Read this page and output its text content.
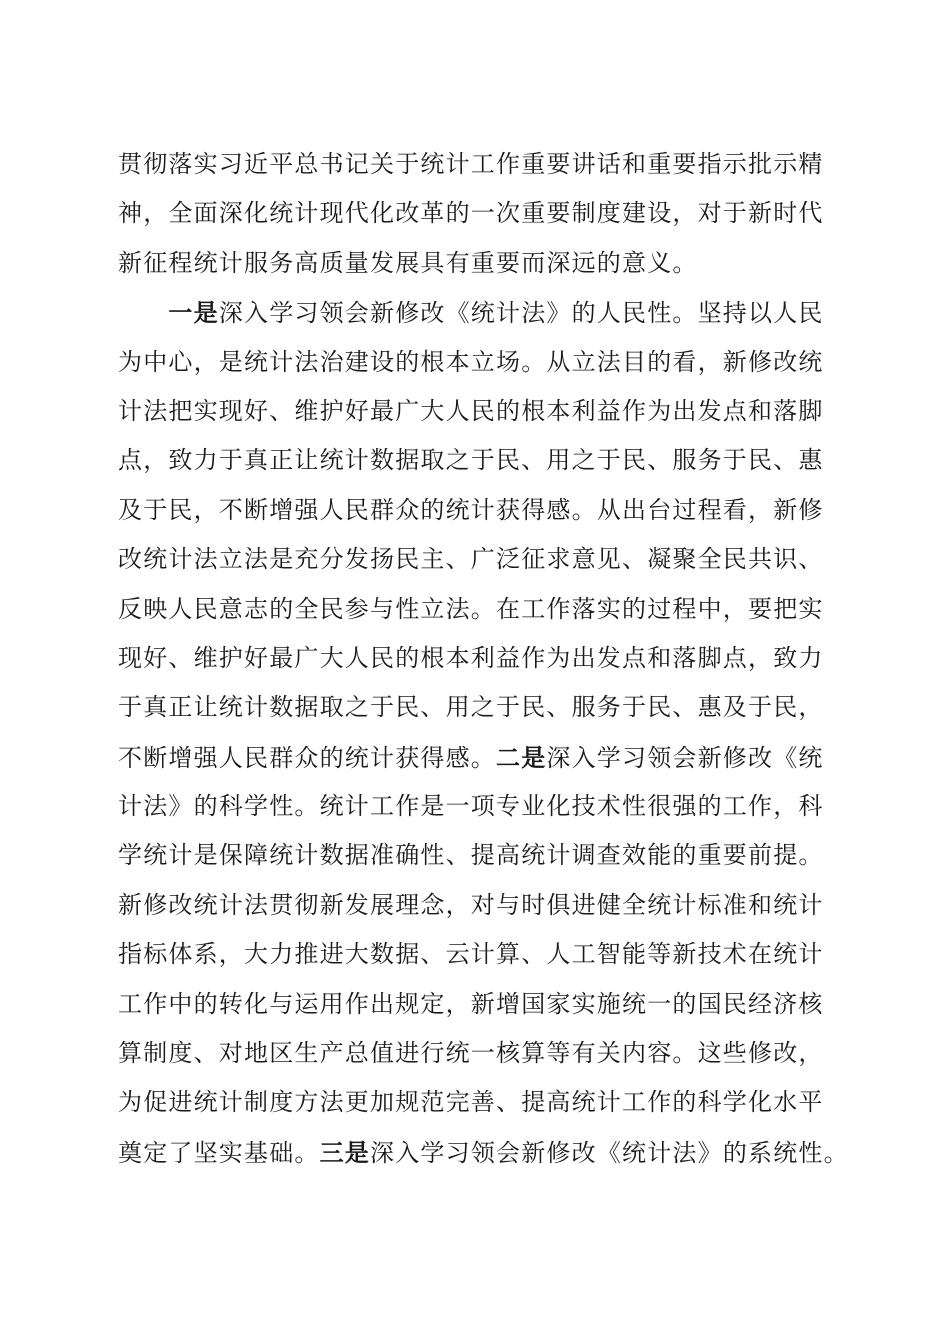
贯彻落实习近平总书记关于统计工作重要讲话和重要指示批示精
神，全面深化统计现代化改革的一次重要制度建设，对于新时代
新征程统计服务高质量发展具有重要而深远的意义。
　　一是深入学习领会新修改《统计法》的人民性。坚持以人民
为中心，是统计法治建设的根本立场。从立法目的看，新修改统
计法把实现好、维护好最广大人民的根本利益作为出发点和落脚
点，致力于真正让统计数据取之于民、用之于民、服务于民、惠
及于民，不断增强人民群众的统计获得感。从出台过程看，新修
改统计法立法是充分发扬民主、广泛征求意见、凝聚全民共识、
反映人民意志的全民参与性立法。在工作落实的过程中，要把实
现好、维护好最广大人民的根本利益作为出发点和落脚点，致力
于真正让统计数据取之于民、用之于民、服务于民、惠及于民，
不断增强人民群众的统计获得感。二是深入学习领会新修改《统
计法》的科学性。统计工作是一项专业化技术性很强的工作，科
学统计是保障统计数据准确性、提高统计调查效能的重要前提。
新修改统计法贯彻新发展理念，对与时俱进健全统计标准和统计
指标体系，大力推进大数据、云计算、人工智能等新技术在统计
工作中的转化与运用作出规定，新增国家实施统一的国民经济核
算制度、对地区生产总值进行统一核算等有关内容。这些修改，
为促进统计制度方法更加规范完善、提高统计工作的科学化水平
奠定了坚实基础。三是深入学习领会新修改《统计法》的系统性。
